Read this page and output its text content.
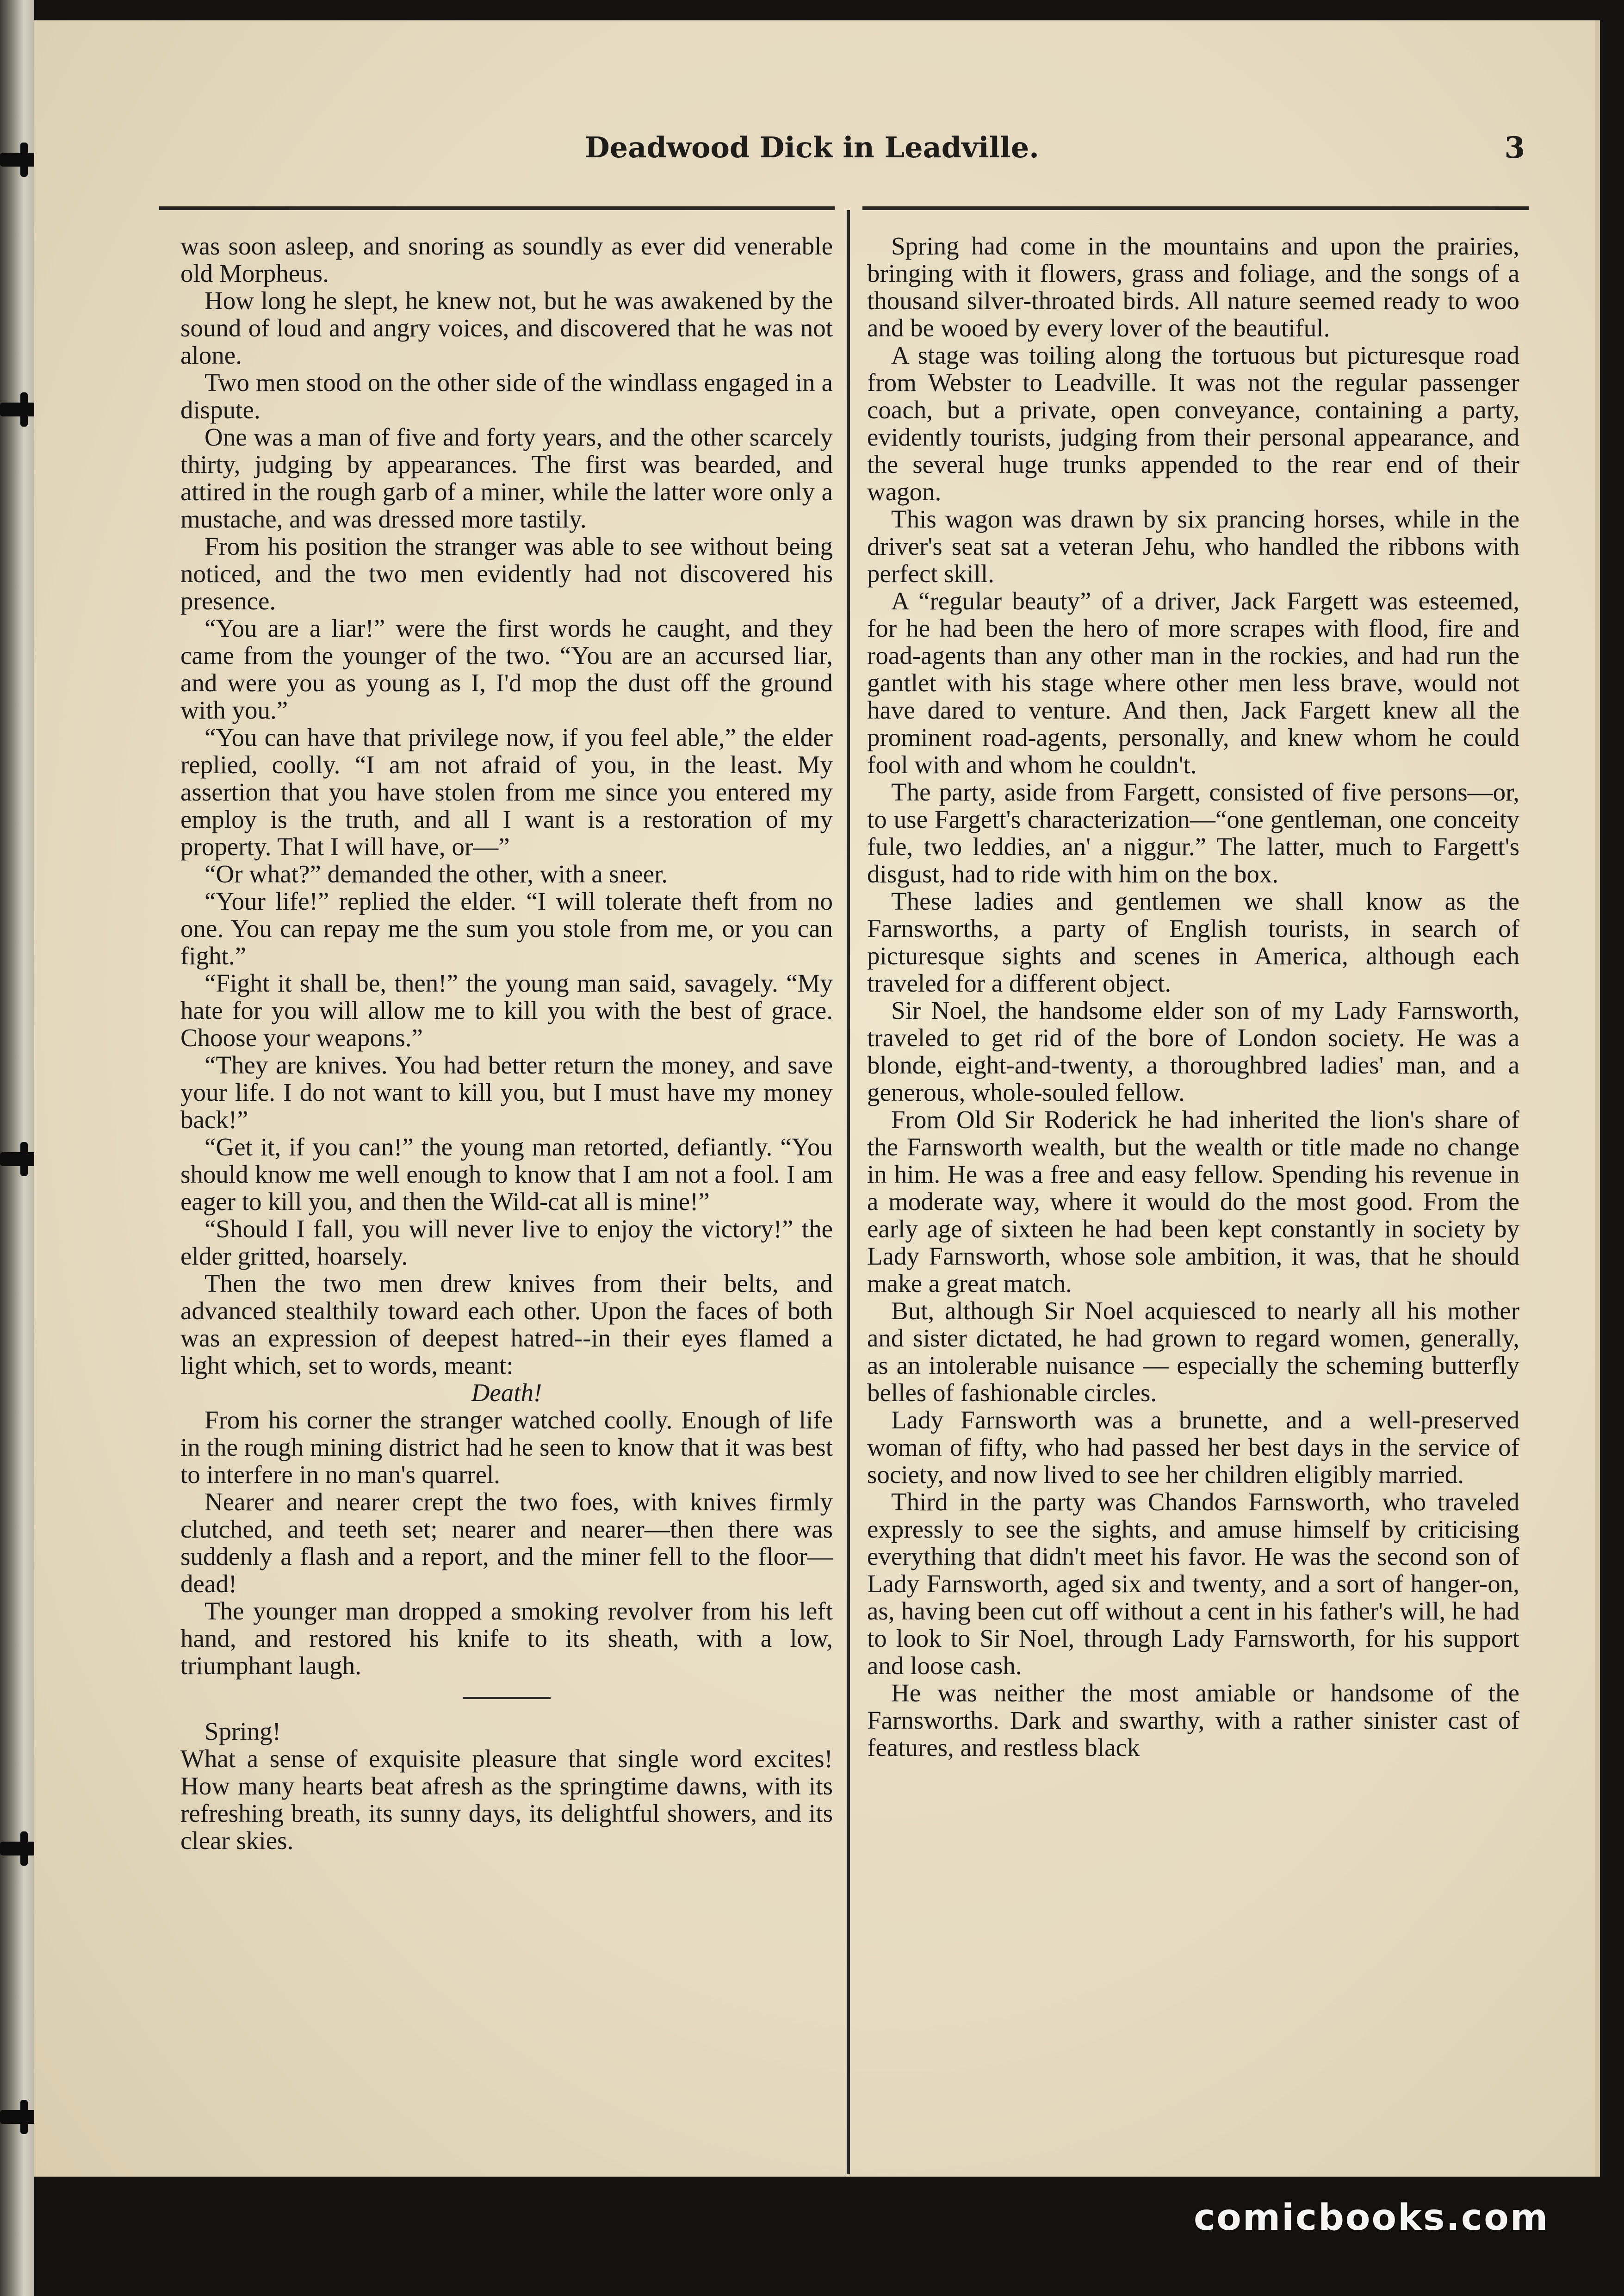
Deadwood Dick in Leadville.	3

was soon asleep, and snoring as soundly as ever did venerable old Morpheus.

How long he slept, he knew not, but he was awakened by the sound of loud and angry voices, and discovered that he was not alone.

Two men stood on the other side of the windlass engaged in a dispute.

One was a man of five and forty years, and the other scarcely thirty, judging by appearances. The first was bearded, and attired in the rough garb of a miner, while the latter wore only a mustache, and was dressed more tastily.

From his position the stranger was able to see without being noticed, and the two men evidently had not discovered his presence.

“You are a liar!” were the first words he caught, and they came from the younger of the two. “You are an accursed liar, and were you as young as I, I'd mop the dust off the ground with you.”

“You can have that privilege now, if you feel able,” the elder replied, coolly. “I am not afraid of you, in the least. My assertion that you have stolen from me since you entered my employ is the truth, and all I want is a restoration of my property. That I will have, or—”

“Or what?” demanded the other, with a sneer.

“Your life!” replied the elder. “I will tolerate theft from no one. You can repay me the sum you stole from me, or you can fight.”

“Fight it shall be, then!” the young man said, savagely. “My hate for you will allow me to kill you with the best of grace. Choose your weapons.”

“They are knives. You had better return the money, and save your life. I do not want to kill you, but I must have my money back!”

“Get it, if you can!” the young man retorted, defiantly. “You should know me well enough to know that I am not a fool. I am eager to kill you, and then the Wild-cat all is mine!”

“Should I fall, you will never live to enjoy the victory!” the elder gritted, hoarsely.

Then the two men drew knives from their belts, and advanced stealthily toward each other. Upon the faces of both was an expression of deepest hatred--in their eyes flamed a light which, set to words, meant:

Death!

From his corner the stranger watched coolly. Enough of life in the rough mining district had he seen to know that it was best to interfere in no man's quarrel.

Nearer and nearer crept the two foes, with knives firmly clutched, and teeth set; nearer and nearer—then there was suddenly a flash and a report, and the miner fell to the floor—dead!

The younger man dropped a smoking revolver from his left hand, and restored his knife to its sheath, with a low, triumphant laugh.

Spring!

What a sense of exquisite pleasure that single word excites! How many hearts beat afresh as the springtime dawns, with its refreshing breath, its sunny days, its delightful showers, and its clear skies.

Spring had come in the mountains and upon the prairies, bringing with it flowers, grass and foliage, and the songs of a thousand silver-throated birds. All nature seemed ready to woo and be wooed by every lover of the beautiful.

A stage was toiling along the tortuous but picturesque road from Webster to Leadville. It was not the regular passenger coach, but a private, open conveyance, containing a party, evidently tourists, judging from their personal appearance, and the several huge trunks appended to the rear end of their wagon.

This wagon was drawn by six prancing horses, while in the driver's seat sat a veteran Jehu, who handled the ribbons with perfect skill.

A “regular beauty” of a driver, Jack Fargett was esteemed, for he had been the hero of more scrapes with flood, fire and road-agents than any other man in the rockies, and had run the gantlet with his stage where other men less brave, would not have dared to venture. And then, Jack Fargett knew all the prominent road-agents, personally, and knew whom he could fool with and whom he couldn't.

The party, aside from Fargett, consisted of five persons—or, to use Fargett's characterization—“one gentleman, one conceity fule, two leddies, an' a niggur.” The latter, much to Fargett's disgust, had to ride with him on the box.

These ladies and gentlemen we shall know as the Farnsworths, a party of English tourists, in search of picturesque sights and scenes in America, although each traveled for a different object.

Sir Noel, the handsome elder son of my Lady Farnsworth, traveled to get rid of the bore of London society. He was a blonde, eight-and-twenty, a thoroughbred ladies' man, and a generous, whole-souled fellow.

From Old Sir Roderick he had inherited the lion's share of the Farnsworth wealth, but the wealth or title made no change in him. He was a free and easy fellow. Spending his revenue in a moderate way, where it would do the most good. From the early age of sixteen he had been kept constantly in society by Lady Farnsworth, whose sole ambition, it was, that he should make a great match.

But, although Sir Noel acquiesced to nearly all his mother and sister dictated, he had grown to regard women, generally, as an intolerable nuisance — especially the scheming butterfly belles of fashionable circles.

Lady Farnsworth was a brunette, and a well-preserved woman of fifty, who had passed her best days in the service of society, and now lived to see her children eligibly married.

Third in the party was Chandos Farnsworth, who traveled expressly to see the sights, and amuse himself by criticising everything that didn't meet his favor. He was the second son of Lady Farnsworth, aged six and twenty, and a sort of hanger-on, as, having been cut off without a cent in his father's will, he had to look to Sir Noel, through Lady Farnsworth, for his support and loose cash.

He was neither the most amiable or handsome of the Farnsworths. Dark and swarthy, with a rather sinister cast of features, and restless black

comicbooks.com
